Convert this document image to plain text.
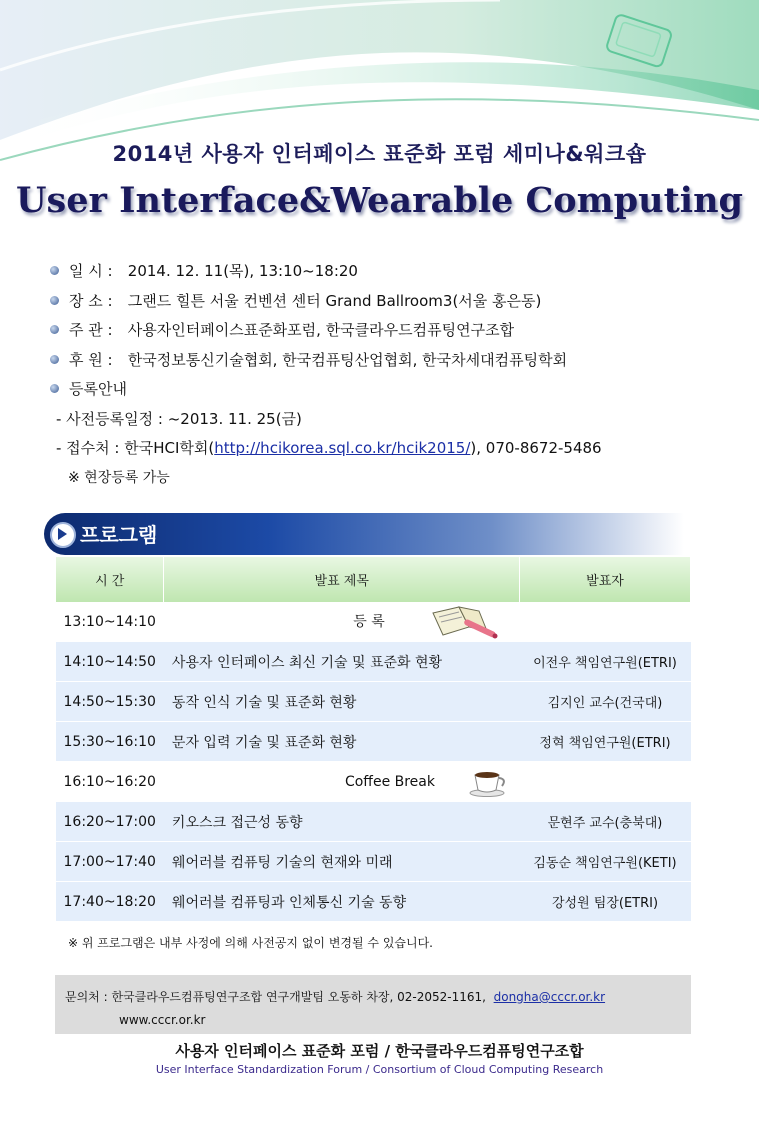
2014년 사용자 인터페이스 표준화 포럼 세미나&워크숍
User Interface&Wearable Computing
일 시 :
	2014. 12. 11(목), 13:10~18:20
장 소 :
	그랜드 힐튼 서울 컨벤션 센터 Grand Ballroom3(서울 홍은동)
주 관 :
	사용자인터페이스표준화포럼, 한국클라우드컴퓨팅연구조합
후 원 :
	한국정보통신기술협회, 한국컴퓨팅산업협회, 한국차세대컴퓨팅학회
등록안내
- 사전등록일정 : ~2013. 11. 25(금)
- 접수처 : 한국HCI학회( http://hcikorea.sql.co.kr/hcik2015/ ), 070-8672-5486
※ 현장등록 가능
프로그램
시 간	발표 제목	발표자
13:10~14:10	등 록	
14:10~14:50	사용자 인터페이스 최신 기술 및 표준화 현황	이전우 책임연구원(ETRI)
14:50~15:30	동작 인식 기술 및 표준화 현황	김지인 교수(건국대)
15:30~16:10	문자 입력 기술 및 표준화 현황	정혁 책임연구원(ETRI)
16:10~16:20	Coffee Break	
16:20~17:00	키오스크 접근성 동향	문현주 교수(충북대)
17:00~17:40	웨어러블 컴퓨팅 기술의 현재와 미래	김동순 책임연구원(KETI)
17:40~18:20	웨어러블 컴퓨팅과 인체통신 기술 동향	강성원 팀장(ETRI)
※ 위 프로그램은 내부 사정에 의해 사전공지 없이 변경될 수 있습니다.
문의처 : 한국클라우드컴퓨팅연구조합 연구개발팀 오동하 차장, 02-2052-1161, dongha@cccr.or.kr
www.cccr.or.kr
사용자 인터페이스 표준화 포럼 / 한국클라우드컴퓨팅연구조합
User Interface Standardization Forum / Consortium of Cloud Computing Research
